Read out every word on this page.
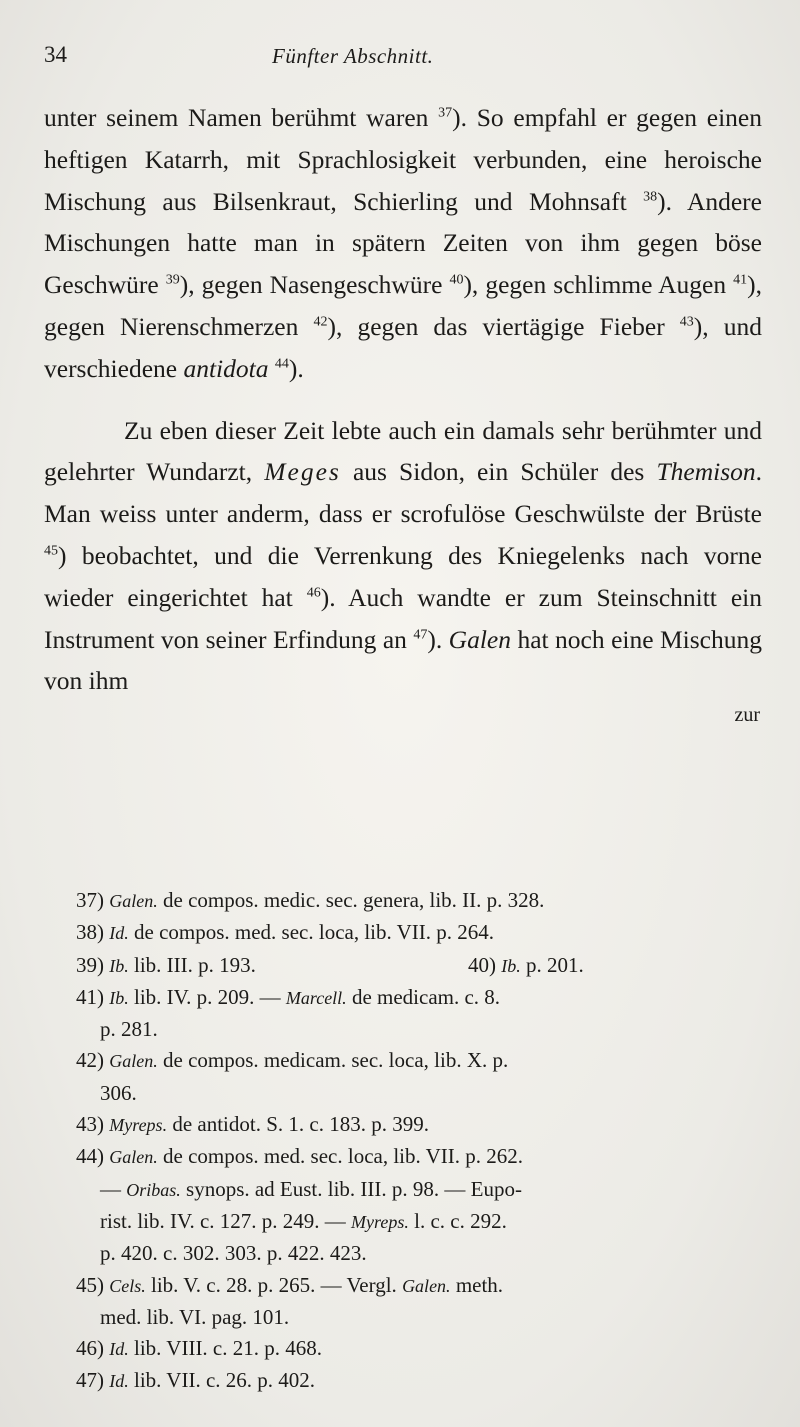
34	Fünfter Abschnitt.

unter seinem Namen berühmt waren $^{37}$). So empfahl er gegen einen heftigen Katarrh, mit Sprachlosigkeit verbunden, eine heroische Mischung aus Bilsenkraut, Schierling und Mohnsaft $^{38}$). Andere Mischungen hatte man in spätern Zeiten von ihm gegen böse Geschwüre $^{39}$), gegen Nasengeschwüre $^{40}$), gegen schlimme Augen $^{41}$), gegen Nierenschmerzen $^{42}$), gegen das viertägige Fieber $^{43}$), und verschiedene antidota $^{44}$).

Zu eben dieser Zeit lebte auch ein damals sehr berühmter und gelehrter Wundarzt, Meges aus Sidon, ein Schüler des Themison. Man weiss unter anderm, dass er scrofulöse Geschwülste der Brüste $^{45}$) beobachtet, und die Verrenkung des Kniegelenks nach vorne wieder eingerichtet hat $^{46}$). Auch wandte er zum Steinschnitt ein Instrument von seiner Erfindung an $^{47}$). Galen hat noch eine Mischung von ihm

zur
37) Galen. de compos. medic. sec. genera, lib. II. p. 328.
38) Id. de compos. med. sec. loca, lib. VII. p. 264.
39) Ib. lib. III. p. 193.	40) Ib. p. 201.
41) Ib. lib. IV. p. 209. — Marcell. de medicam. c. 8.
p. 281.
42) Galen. de compos. medicam. sec. loca, lib. X. p.
306.
43) Myreps. de antidot. S. 1. c. 183. p. 399.
44) Galen. de compos. med. sec. loca, lib. VII. p. 262.
— Oribas. synops. ad Eust. lib. III. p. 98. — Eupo-
rist. lib. IV. c. 127. p. 249. — Myreps. l. c. c. 292.
p. 420. c. 302. 303. p. 422. 423.
45) Cels. lib. V. c. 28. p. 265. — Vergl. Galen. meth.
med. lib. VI. pag. 101.
46) Id. lib. VIII. c. 21. p. 468.
47) Id. lib. VII. c. 26. p. 402.
